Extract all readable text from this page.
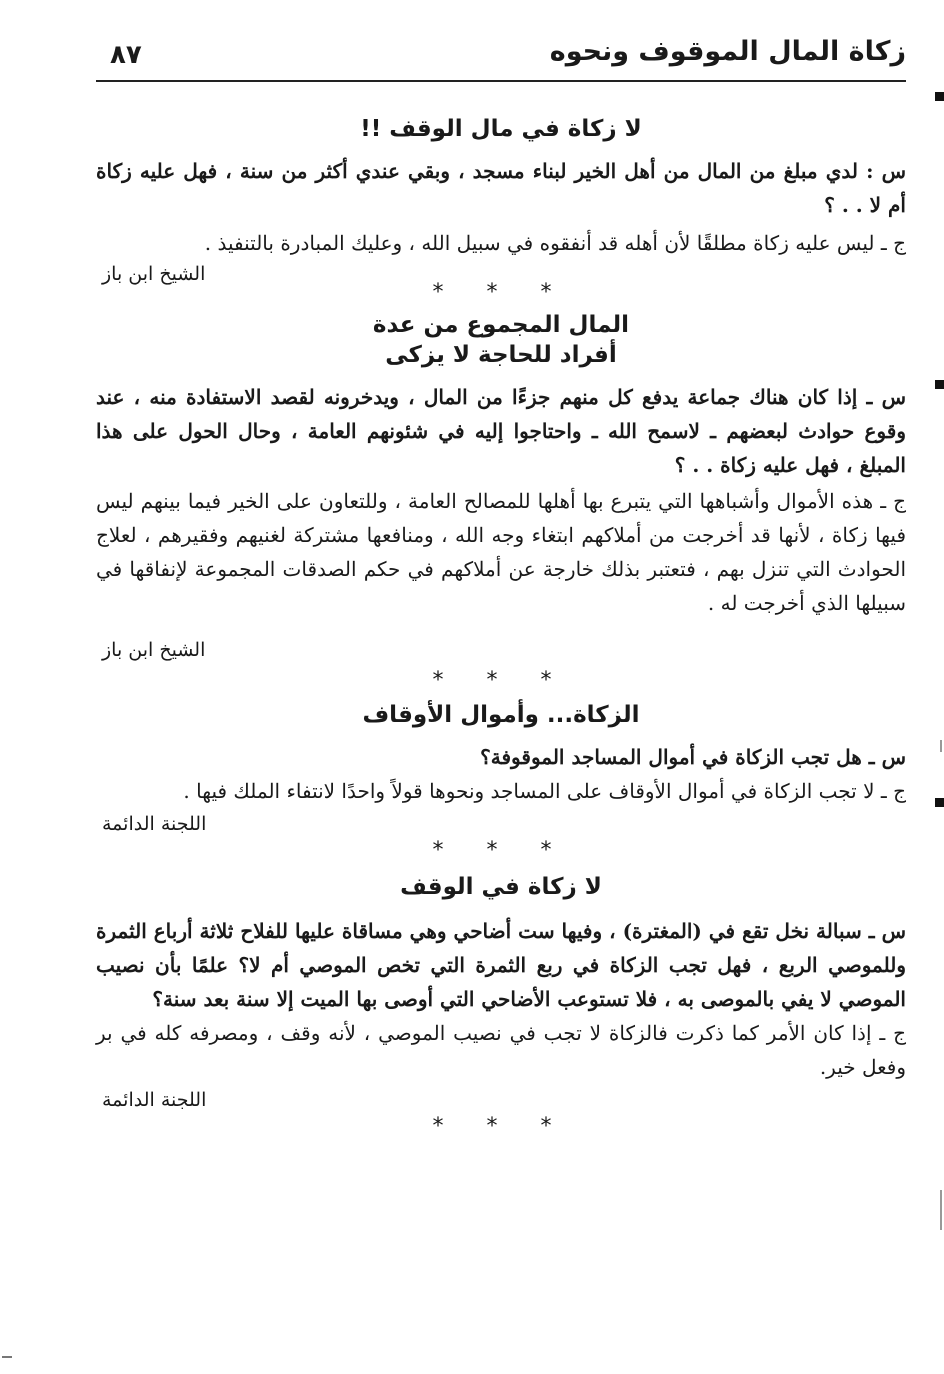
زكاة المال الموقوف ونحوه
٨٧

لا زكاة في مال الوقف !!

س : لدي مبلغ من المال من أهل الخير لبناء مسجد ، وبقي عندي أكثر من سنة ، فهل عليه زكاة أم لا . . ؟

ج ـ ليس عليه زكاة مطلقًا لأن أهله قد أنفقوه في سبيل الله ، وعليك المبادرة بالتنفيذ .

الشيخ ابن باز

* * *

المال المجموع من عدة

أفراد للحاجة لا يزكى

س ـ إذا كان هناك جماعة يدفع كل منهم جزءًا من المال ، ويدخرونه لقصد الاستفادة منه ، عند وقوع حوادث لبعضهم ـ لاسمح الله ـ واحتاجوا إليه في شئونهم العامة ، وحال الحول على هذا المبلغ ، فهل عليه زكاة . . ؟

ج ـ هذه الأموال وأشباهها التي يتبرع بها أهلها للمصالح العامة ، وللتعاون على الخير فيما بينهم ليس فيها زكاة ، لأنها قد أخرجت من أملاكهم ابتغاء وجه الله ، ومنافعها مشتركة لغنيهم وفقيرهم ، لعلاج الحوادث التي تنزل بهم ، فتعتبر بذلك خارجة عن أملاكهم في حكم الصدقات المجموعة لإنفاقها في سبيلها الذي أخرجت له .

الشيخ ابن باز

* * *

الزكاة... وأموال الأوقاف

س ـ هل تجب الزكاة في أموال المساجد الموقوفة؟

ج ـ لا تجب الزكاة في أموال الأوقاف على المساجد ونحوها قولاً واحدًا لانتفاء الملك فيها .

اللجنة الدائمة

* * *

لا زكاة في الوقف

س ـ سبالة نخل تقع في (المغترة) ، وفيها ست أضاحي وهي مساقاة عليها للفلاح ثلاثة أرباع الثمرة وللموصي الربع ، فهل تجب الزكاة في ربع الثمرة التي تخص الموصي أم لا؟ علمًا بأن نصيب الموصي لا يفي بالموصى به ، فلا تستوعب الأضاحي التي أوصى بها الميت إلا سنة بعد سنة؟

ج ـ إذا كان الأمر كما ذكرت فالزكاة لا تجب في نصيب الموصي ، لأنه وقف ، ومصرفه كله في بر وفعل خير.

اللجنة الدائمة

* * *
